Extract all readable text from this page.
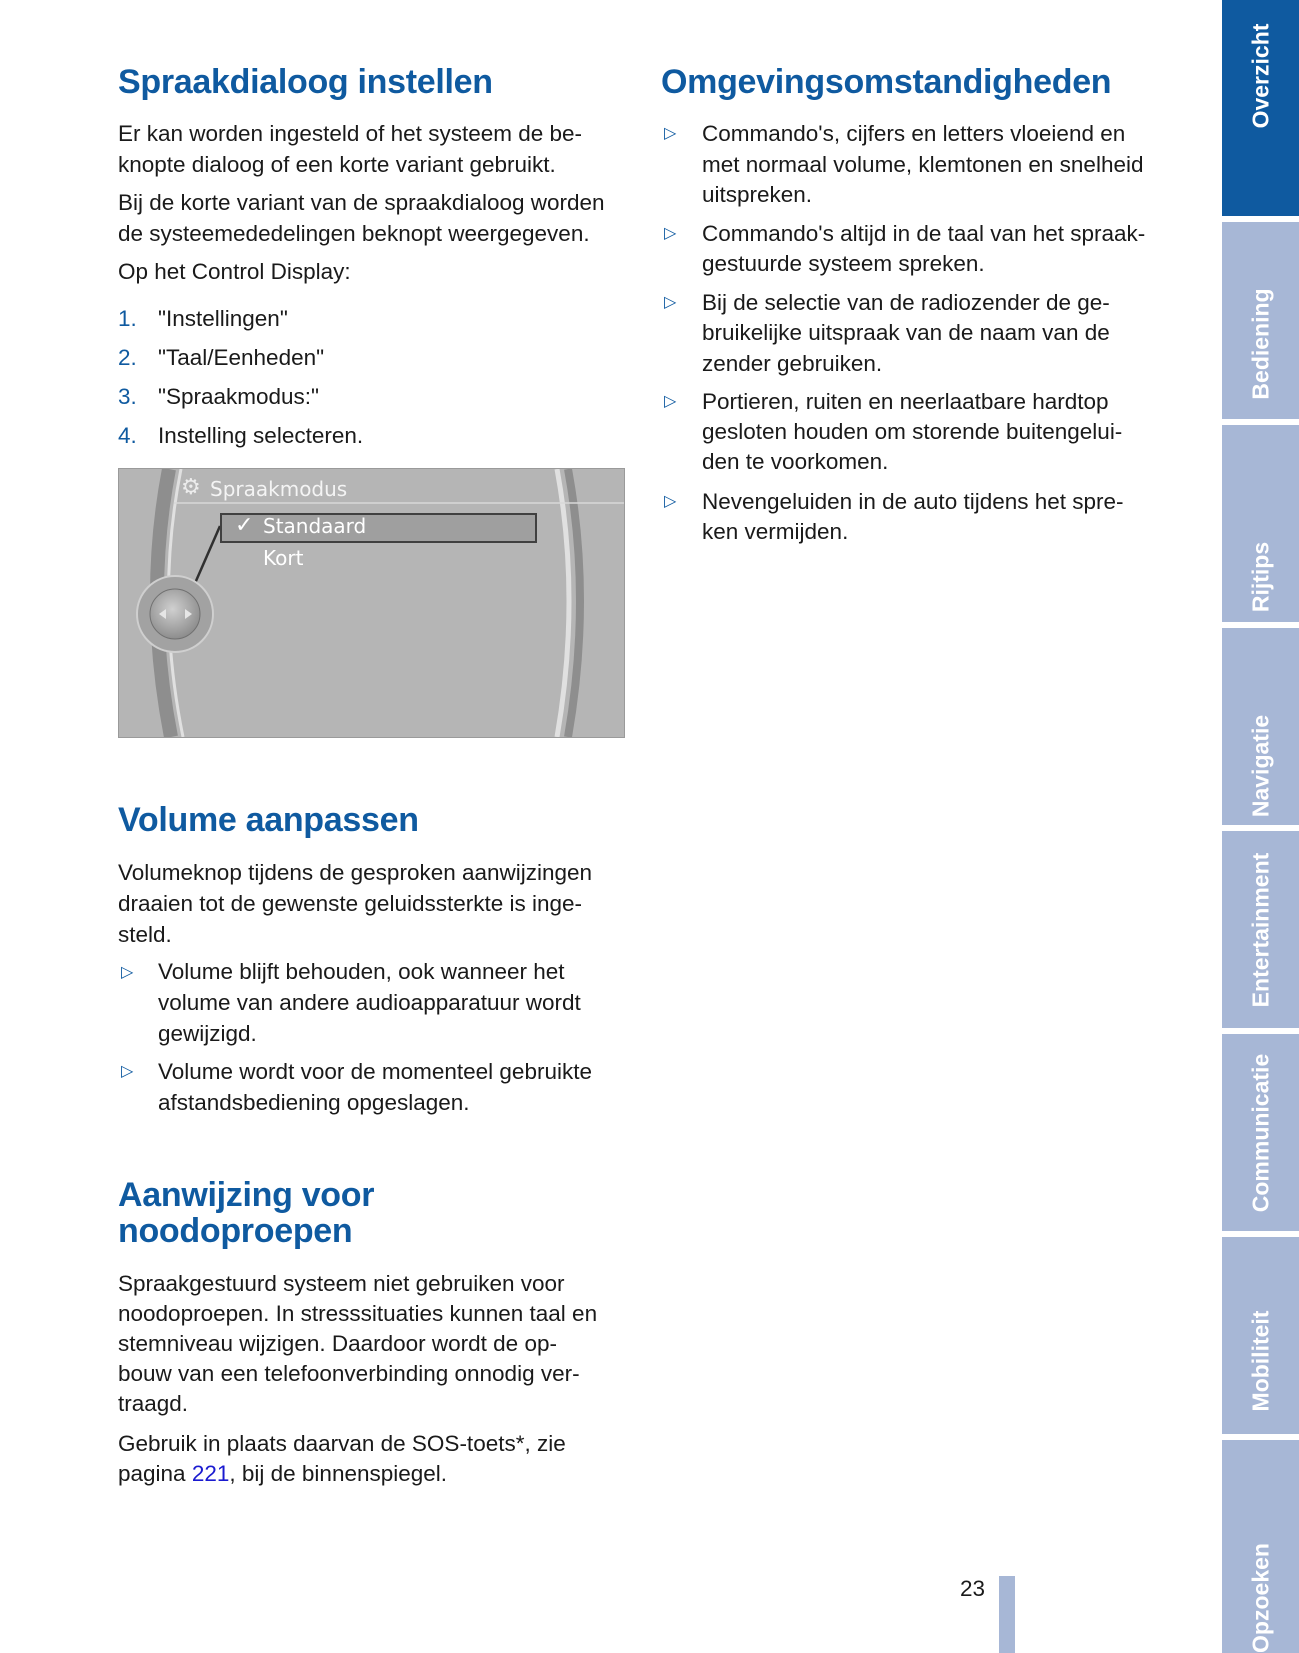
Spraakdialoog instellen
Er kan worden ingesteld of het systeem de be-
knopte dialoog of een korte variant gebruikt.
Bij de korte variant van de spraakdialoog worden
de systeemededelingen beknopt weergegeven.
Op het Control Display:
1. "Instellingen"
2. "Taal/Eenheden"
3. "Spraakmodus:"
4. Instelling selecteren.
⚙ Spraakmodus
✓ Standaard
Kort
Volume aanpassen
Volumeknop tijdens de gesproken aanwijzingen
draaien tot de gewenste geluidssterkte is inge-
steld.
▷ Volume blijft behouden, ook wanneer het
volume van andere audioapparatuur wordt
gewijzigd.
▷ Volume wordt voor de momenteel gebruikte
afstandsbediening opgeslagen.
Aanwijzing voor
noodoproepen
Spraakgestuurd systeem niet gebruiken voor
noodoproepen. In stresssituaties kunnen taal en
stemniveau wijzigen. Daardoor wordt de op-
bouw van een telefoonverbinding onnodig ver-
traagd.
Gebruik in plaats daarvan de SOS-toets*, zie
pagina 221, bij de binnenspiegel.
Omgevingsomstandigheden
▷ Commando's, cijfers en letters vloeiend en
met normaal volume, klemtonen en snelheid
uitspreken.
▷ Commando's altijd in de taal van het spraak-
gestuurde systeem spreken.
▷ Bij de selectie van de radiozender de ge-
bruikelijke uitspraak van de naam van de
zender gebruiken.
▷ Portieren, ruiten en neerlaatbare hardtop
gesloten houden om storende buitengelui-
den te voorkomen.
▷ Nevengeluiden in de auto tijdens het spre-
ken vermijden.
Overzicht
Bediening
Rijtips
Navigatie
Entertainment
Communicatie
Mobiliteit
Opzoeken
23
